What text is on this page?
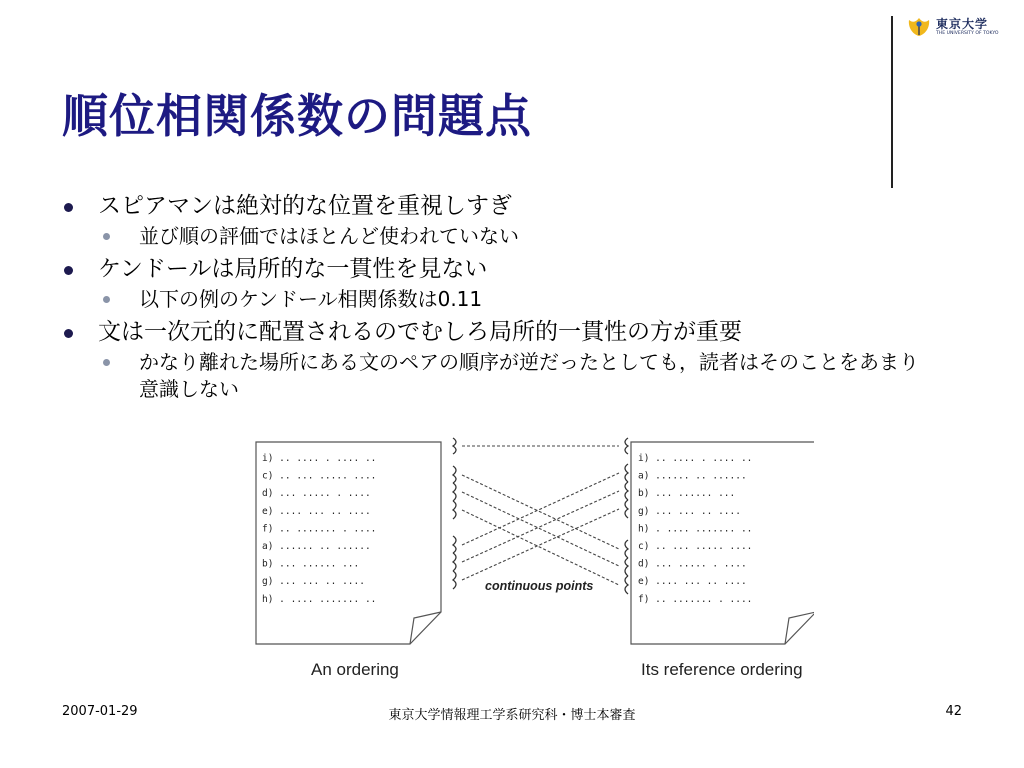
東京大学
THE UNIVERSITY OF TOKYO
順位相関係数の問題点
スピアマンは絶対的な位置を重視しすぎ
並び順の評価ではほとんど使われていない
ケンドールは局所的な一貫性を見ない
以下の例のケンドール相関係数は0.11
文は一次元的に配置されるのでむしろ局所的一貫性の方が重要
かなり離れた場所にある文のペアの順序が逆だったとしても，読者はそのことをあまり意識しない
i) .. .... . .... ..
c) .. ... ..... ....
d) ... ..... . ....
e) .... ... .. ....
f) .. ....... . ....
a) ...... .. ......
b) ... ...... ...
g) ... ... .. ....
h) . .... ....... ..
i) .. .... . .... ..
a) ...... .. ......
b) ... ...... ...
g) ... ... .. ....
h) . .... ....... ..
c) .. ... ..... ....
d) ... ..... . ....
e) .... ... .. ....
f) .. ....... . ....
continuous points
An ordering	Its reference ordering
2007-01-29	東京大学情報理工学系研究科・博士本審査	42
